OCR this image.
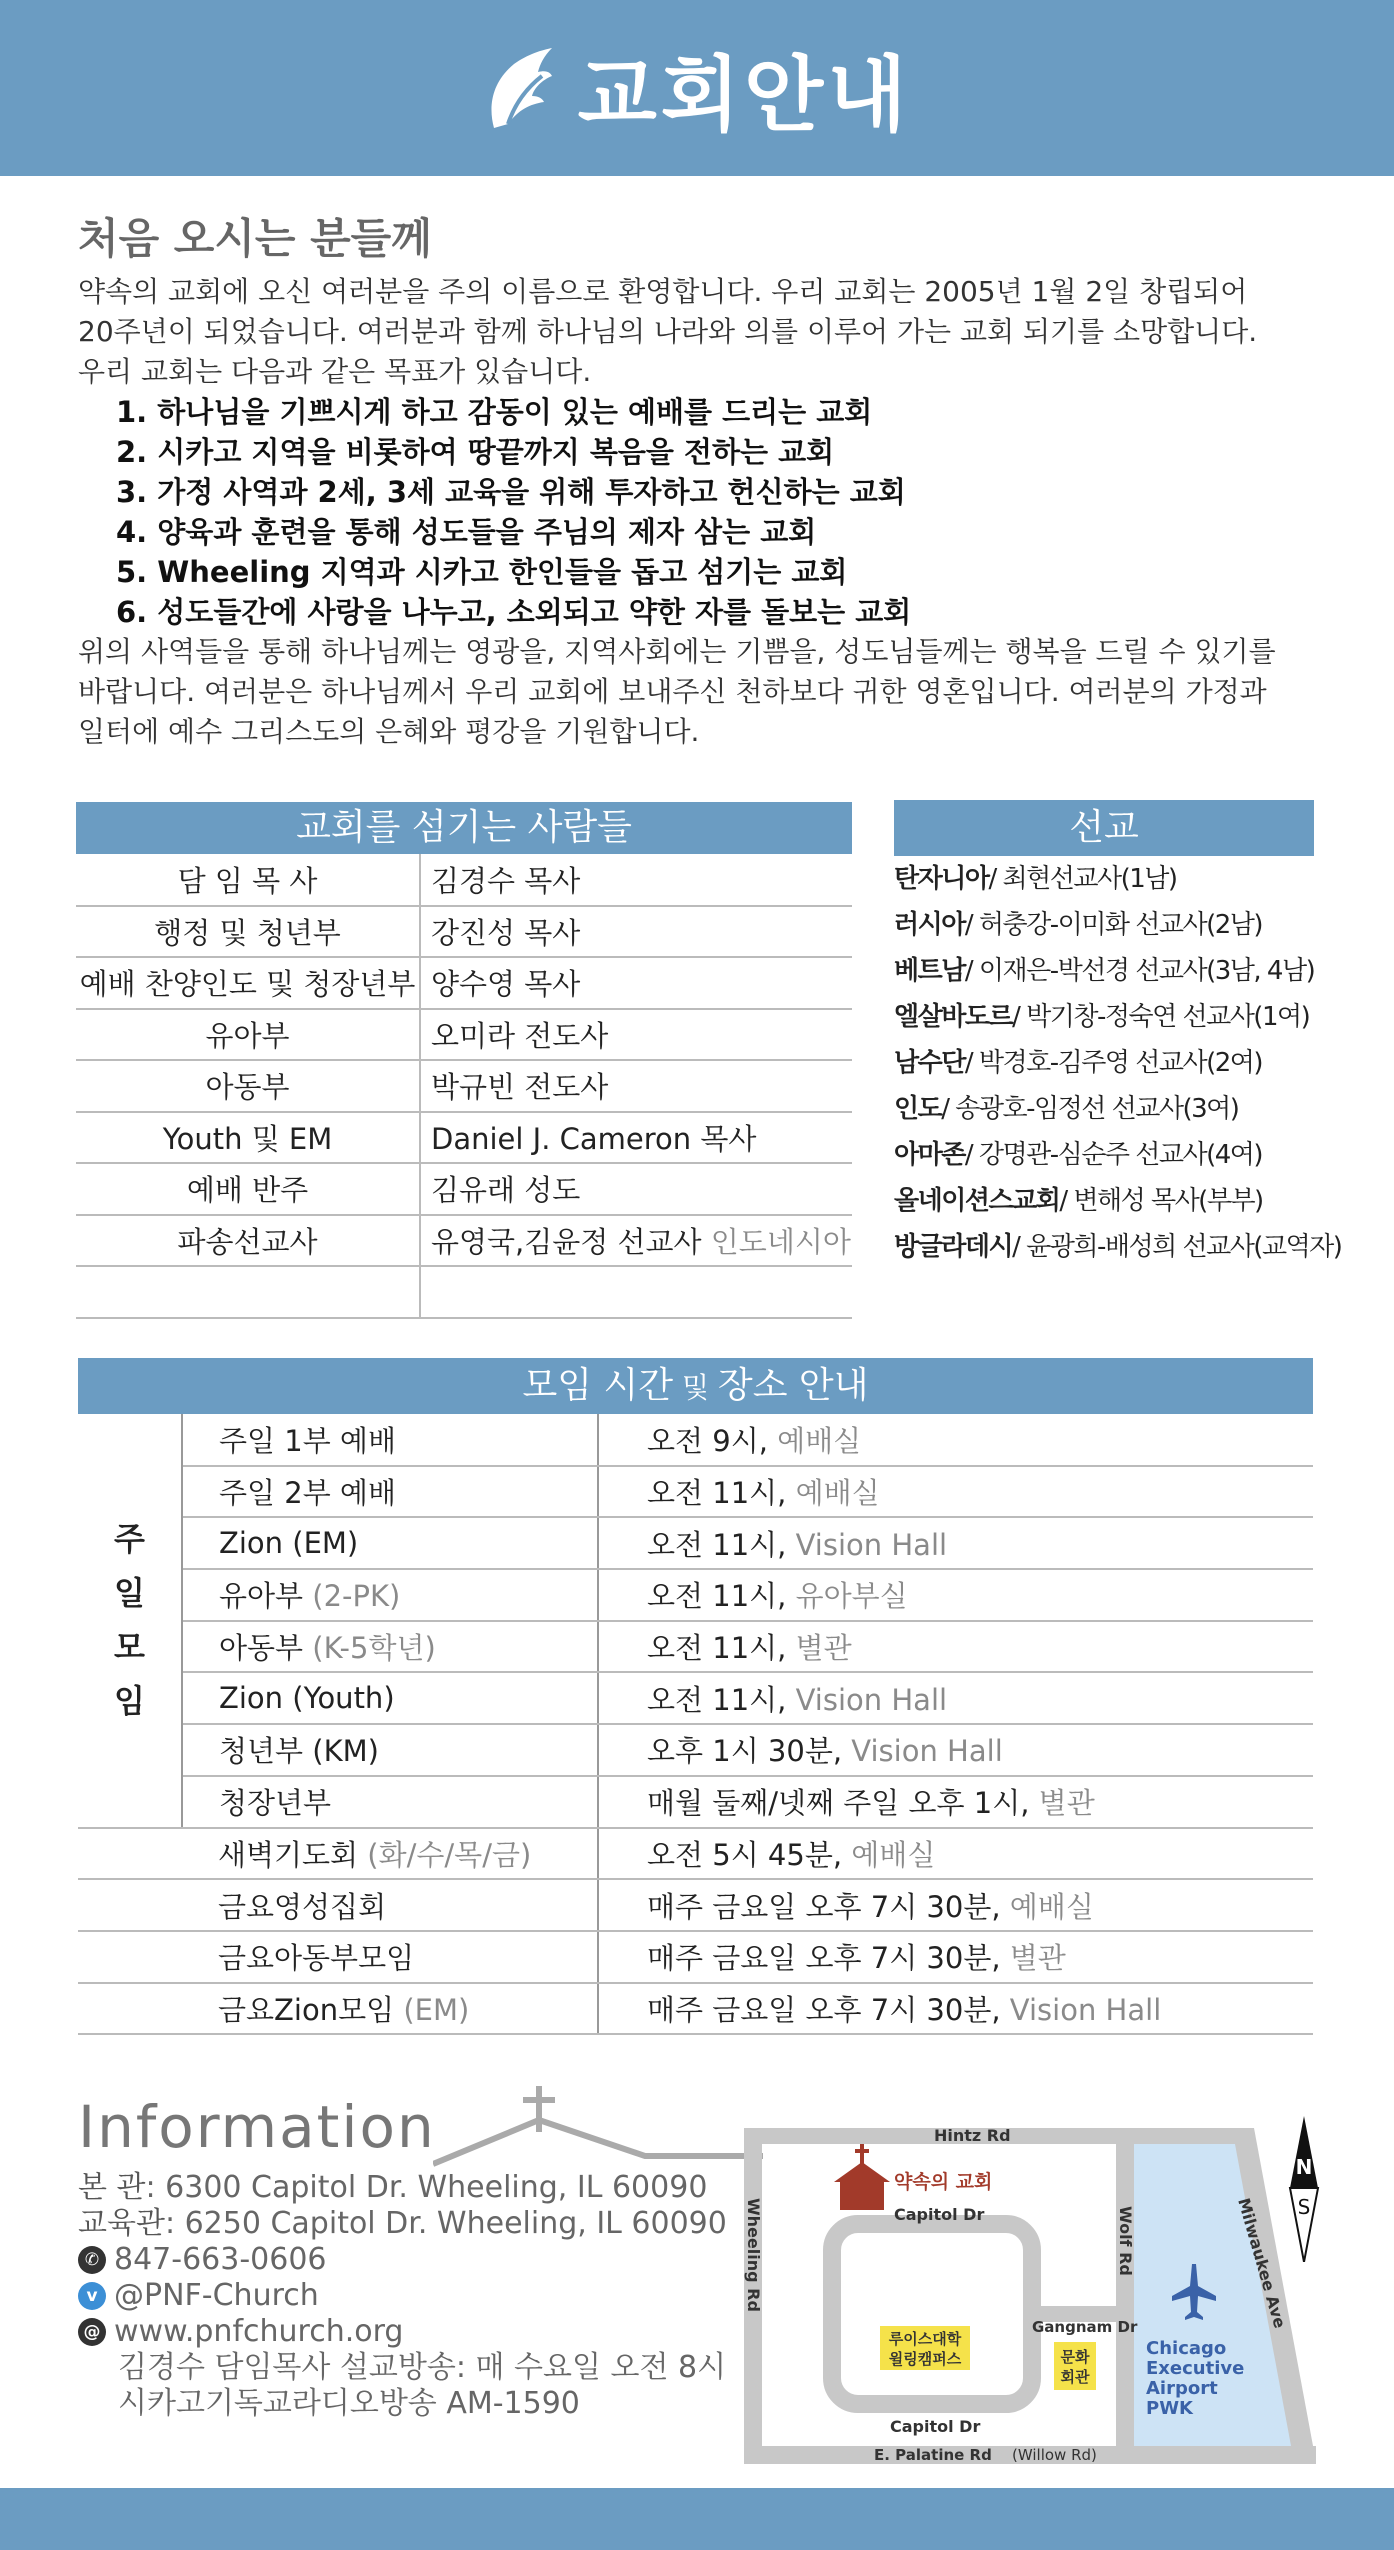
교회안내
처음 오시는 분들께

약속의 교회에 오신 여러분을 주의 이름으로 환영합니다. 우리 교회는 2005년 1월 2일 창립되어

20주년이 되었습니다. 여러분과 함께 하나님의 나라와 의를 이루어 가는 교회 되기를 소망합니다.

우리 교회는 다음과 같은 목표가 있습니다.

1. 하나님을 기쁘시게 하고 감동이 있는 예배를 드리는 교회
2. 시카고 지역을 비롯하여 땅끝까지 복음을 전하는 교회
3. 가정 사역과 2세, 3세 교육을 위해 투자하고 헌신하는 교회
4. 양육과 훈련을 통해 성도들을 주님의 제자 삼는 교회
5. Wheeling 지역과 시카고 한인들을 돕고 섬기는 교회
6. 성도들간에 사랑을 나누고, 소외되고 약한 자를 돌보는 교회

위의 사역들을 통해 하나님께는 영광을, 지역사회에는 기쁨을, 성도님들께는 행복을 드릴 수 있기를

바랍니다. 여러분은 하나님께서 우리 교회에 보내주신 천하보다 귀한 영혼입니다. 여러분의 가정과

일터에 예수 그리스도의 은혜와 평강을 기원합니다.

교회를 섬기는 사람들
담 임 목 사	김경수 목사
행정 및 청년부	강진성 목사
예배 찬양인도 및 청장년부	양수영 목사
유아부	오미라 전도사
아동부	박규빈 전도사
Youth 및 EM	Daniel J. Cameron 목사
예배 반주	김유래 성도
파송선교사	유영국,김윤정 선교사 인도네시아

선교
탄자니아/ 최현선교사(1남)
러시아/ 허충강-이미화 선교사(2남)
베트남/ 이재은-박선경 선교사(3남, 4남)
엘살바도르/ 박기창-정숙연 선교사(1여)
남수단/ 박경호-김주영 선교사(2여)
인도/ 송광호-임정선 선교사(3여)
아마존/ 강명관-심순주 선교사(4여)
올네이션스교회/ 변해성 목사(부부)
방글라데시/ 윤광희-배성희 선교사(교역자)
모임 시간 및 장소 안내
주
일
모
임	주일 1부 예배	오전 9시, 예배실
	주일 2부 예배	오전 11시, 예배실
	Zion (EM)	오전 11시, Vision Hall
	유아부 (2-PK)	오전 11시, 유아부실
	아동부 (K-5학년)	오전 11시, 별관
	Zion (Youth)	오전 11시, Vision Hall
	청년부 (KM)	오후 1시 30분, Vision Hall
	청장년부	매월 둘째/넷째 주일 오후 1시, 별관
	새벽기도회 (화/수/목/금)	오전 5시 45분, 예배실
	금요영성집회	매주 금요일 오후 7시 30분, 예배실
	금요아동부모임	매주 금요일 오후 7시 30분, 별관
	금요Zion모임 (EM)	매주 금요일 오후 7시 30분, Vision Hall
Information
본 관 : 6300 Capitol Dr. Wheeling, IL 60090
교육관 : 6250 Capitol Dr. Wheeling, IL 60090
✆ 847-663-0606
v @PNF-Church
@ www.pnfchurch.org
김경수 담임목사 설교방송: 매 수요일 오전 8시
시카고기독교라디오방송 AM-1590
약속의 교회
Hintz Rd
Capitol Dr
Capitol Dr
Wheeling Rd	Wolf Rd	Milwaukee Ave
Gangnam Dr
루이스대학
윌링캠퍼스	문화
회관
Chicago
Executive
Airport
PWK
E. Palatine Rd (Willow Rd)
N
S
